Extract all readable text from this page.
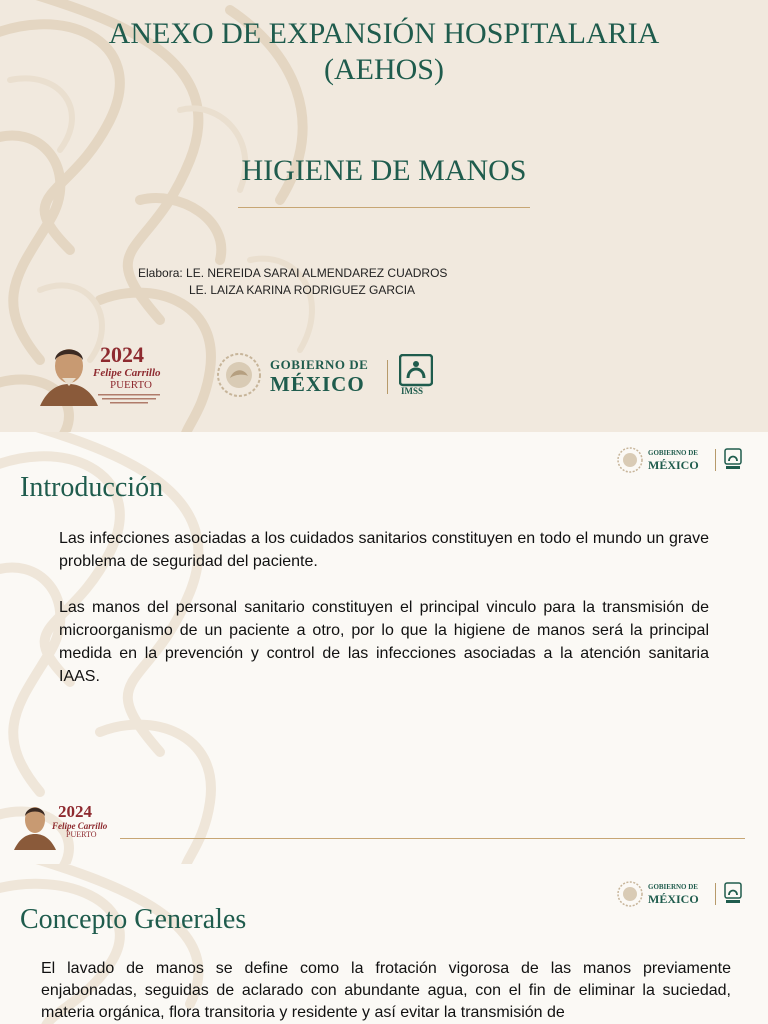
ANEXO DE EXPANSIÓN HOSPITALARIA
(AEHOS)
HIGIENE DE MANOS
Elabora: LE. NEREIDA SARAI ALMENDAREZ CUADROS
LE. LAIZA KARINA RODRIGUEZ GARCIA
2024
Felipe Carrillo
PUERTO
GOBIERNO DE
MÉXICO	IMSS
GOBIERNO DE
MÉXICO
Introducción

Las infecciones asociadas a los cuidados sanitarios constituyen en todo el mundo un grave problema de seguridad del paciente.

Las manos del personal sanitario constituyen el principal vinculo para la transmisión de microorganismo de un paciente a otro, por lo que la higiene de manos será la principal medida en la prevención y control de las infecciones asociadas a la atención sanitaria IAAS.

2024
Felipe Carrillo
PUERTO
GOBIERNO DE
MÉXICO
Concepto Generales

El lavado de manos se define como la frotación vigorosa de las manos previamente enjabonadas, seguidas de aclarado con abundante agua, con el fin de eliminar la suciedad, materia orgánica, flora transitoria y residente y así evitar la transmisión de
